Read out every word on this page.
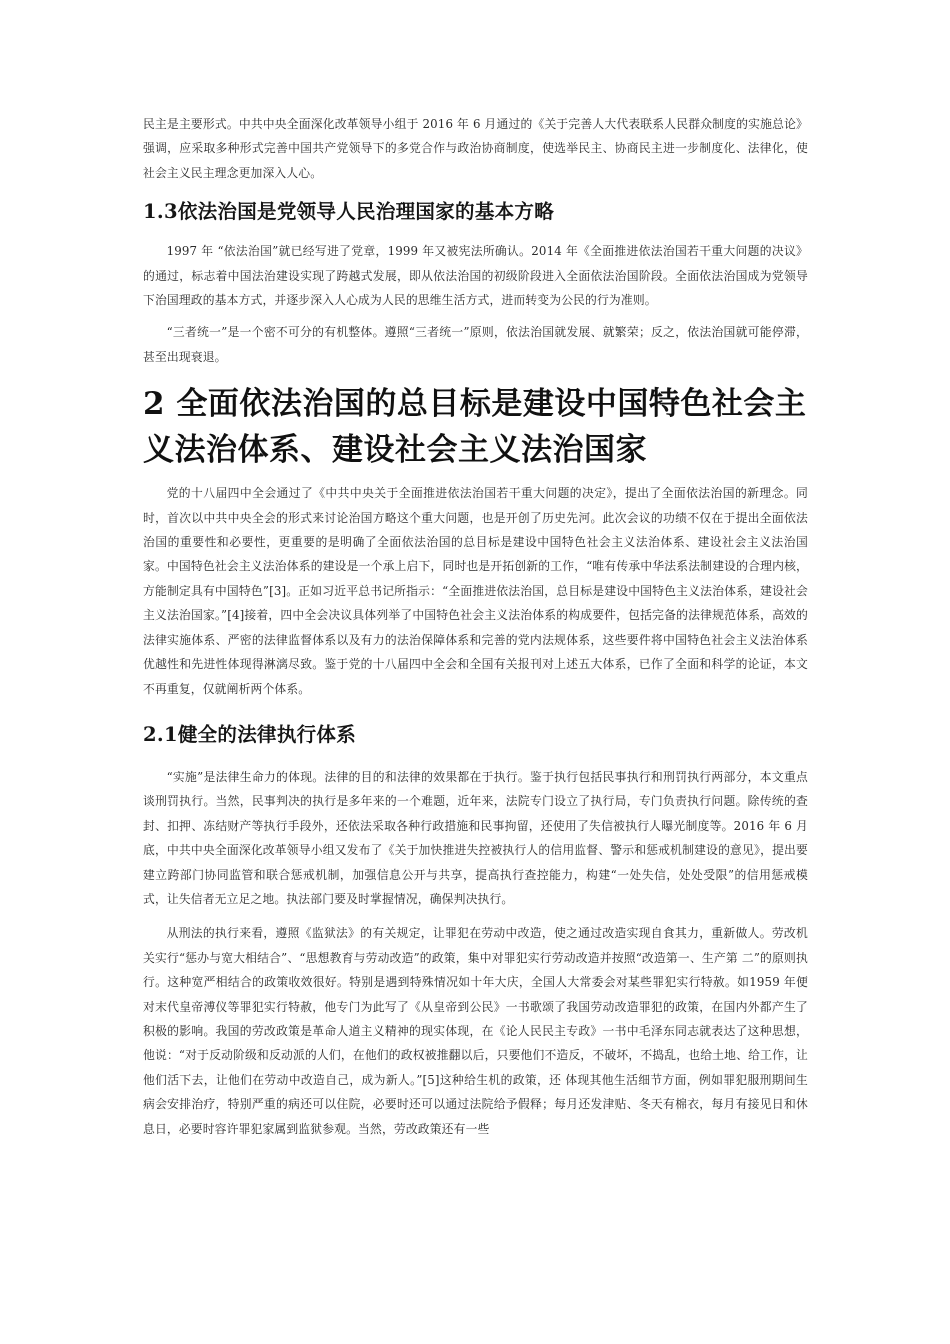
民主是主要形式。中共中央全面深化改革领导小组于 2016 年 6 月通过的《关于完善人大代表联系人民群众制度的实施总论》强调，应采取多种形式完善中国共产党领导下的多党合作与政治协商制度，使选举民主、协商民主进一步制度化、法律化，使社会主义民主理念更加深入人心。

1.3依法治国是党领导人民治理国家的基本方略

1997 年 “依法治国”就已经写进了党章，1999 年又被宪法所确认。2014 年《全面推进依法治国若干重大问题的决议》的通过，标志着中国法治建设实现了跨越式发展，即从依法治国的初级阶段进入全面依法治国阶段。全面依法治国成为党领导下治国理政的基本方式，并逐步深入人心成为人民的思维生活方式，进而转变为公民的行为准则。

“三者统一”是一个密不可分的有机整体。遵照“三者统一”原则，依法治国就发展、就繁荣；反之，依法治国就可能停滞，甚至出现衰退。

2 全面依法治国的总目标是建设中国特色社会主义法治体系、建设社会主义法治国家

党的十八届四中全会通过了《中共中央关于全面推进依法治国若干重大问题的决定》，提出了全面依法治国的新理念。同时，首次以中共中央全会的形式来讨论治国方略这个重大问题，也是开创了历史先河。此次会议的功绩不仅在于提出全面依法治国的重要性和必要性，更重要的是明确了全面依法治国的总目标是建设中国特色社会主义法治体系、建设社会主义法治国家。中国特色社会主义法治体系的建设是一个承上启下，同时也是开拓创新的工作，“唯有传承中华法系法制建设的合理内核，方能制定具有中国特色”[3]。正如习近平总书记所指示：“全面推进依法治国，总目标是建设中国特色主义法治体系，建设社会主义法治国家。”[4]接着，四中全会决议具体列举了中国特色社会主义法治体系的构成要件，包括完备的法律规范体系，高效的法律实施体系、严密的法律监督体系以及有力的法治保障体系和完善的党内法规体系，这些要件将中国特色社会主义法治体系优越性和先进性体现得淋漓尽致。鉴于党的十八届四中全会和全国有关报刊对上述五大体系，已作了全面和科学的论证，本文不再重复，仅就阐析两个体系。

2.1健全的法律执行体系

“实施”是法律生命力的体现。法律的目的和法律的效果都在于执行。鉴于执行包括民事执行和刑罚执行两部分，本文重点谈刑罚执行。当然，民事判决的执行是多年来的一个难题，近年来，法院专门设立了执行局，专门负责执行问题。除传统的查封、扣押、冻结财产等执行手段外，还依法采取各种行政措施和民事拘留，还使用了失信被执行人曝光制度等。2016 年 6 月底，中共中央全面深化改革领导小组又发布了《关于加快推进失控被执行人的信用监督、警示和惩戒机制建设的意见》，提出要建立跨部门协同监管和联合惩戒机制，加强信息公开与共享，提高执行查控能力，构建“一处失信，处处受限”的信用惩戒模式，让失信者无立足之地。执法部门要及时掌握情况，确保判决执行。

从刑法的执行来看，遵照《监狱法》的有关规定，让罪犯在劳动中改造，使之通过改造实现自食其力，重新做人。劳改机关实行“惩办与宽大相结合”、“思想教育与劳动改造”的政策，集中对罪犯实行劳动改造并按照“改造第一、生产第 二”的原则执行。这种宽严相结合的政策收效很好。特别是遇到特殊情况如十年大庆，全国人大常委会对某些罪犯实行特赦。如1959 年便对末代皇帝溥仪等罪犯实行特赦，他专门为此写了《从皇帝到公民》一书歌颂了我国劳动改造罪犯的政策，在国内外都产生了积极的影响。我国的劳改政策是革命人道主义精神的现实体现，在《论人民民主专政》一书中毛泽东同志就表达了这种思想，他说：“对于反动阶级和反动派的人们，在他们的政权被推翻以后，只要他们不造反，不破坏，不捣乱，也给土地、给工作，让他们活下去，让他们在劳动中改造自己，成为新人。”[5]这种给生机的政策，还 体现其他生活细节方面，例如罪犯服刑期间生病会安排治疗，特别严重的病还可以住院，必要时还可以通过法院给予假释；每月还发津贴、冬天有棉衣，每月有接见日和休息日，必要时容许罪犯家属到监狱参观。当然，劳改政策还有一些
